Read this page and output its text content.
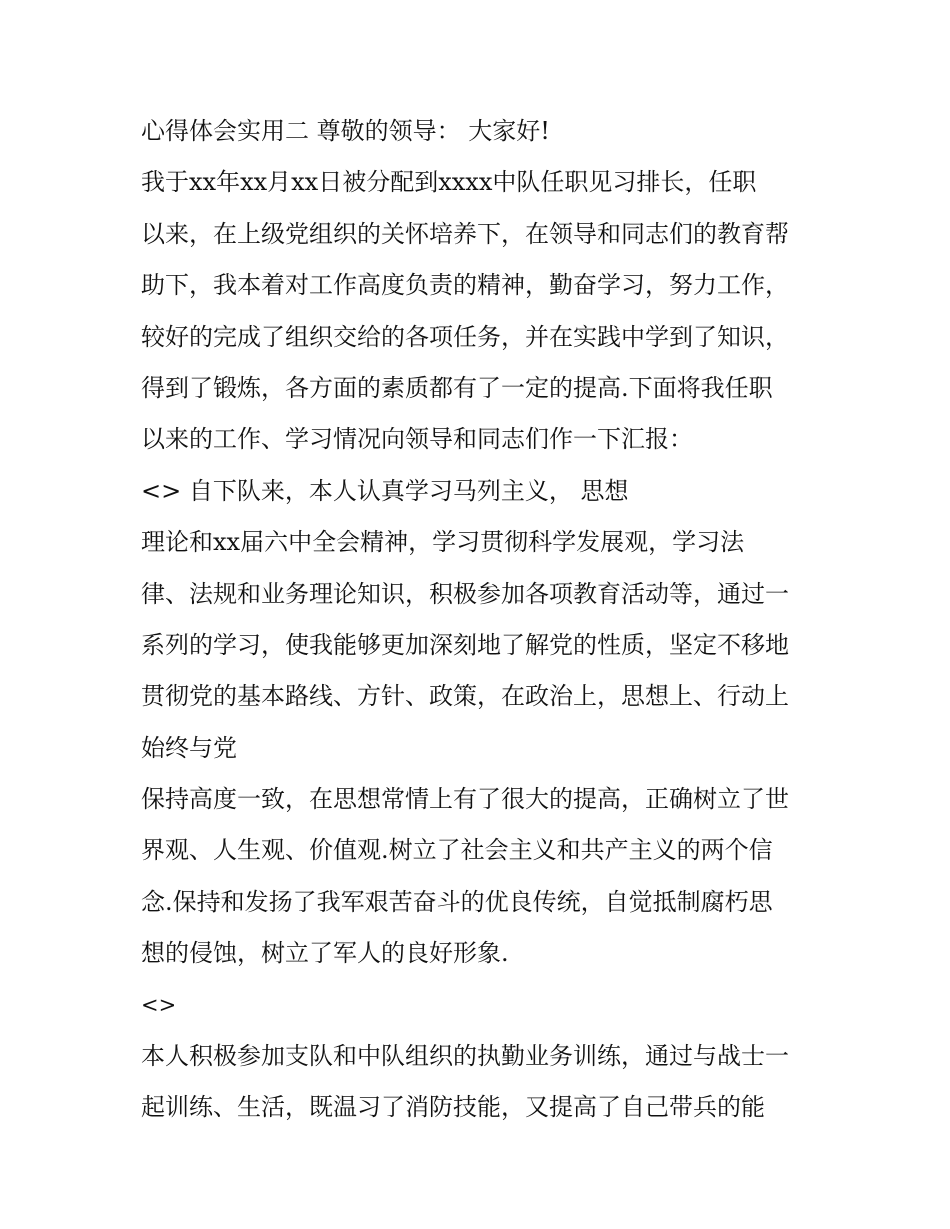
心得体会实用二 尊敬的领导： 大家好!
我于xx年xx月xx日被分配到xxxx中队任职见习排长，任职
以来，在上级党组织的关怀培养下，在领导和同志们的教育帮
助下，我本着对工作高度负责的精神，勤奋学习，努力工作，
较好的完成了组织交给的各项任务，并在实践中学到了知识，
得到了锻炼，各方面的素质都有了一定的提高.下面将我任职
以来的工作、学习情况向领导和同志们作一下汇报：
<> 自下队来，本人认真学习马列主义， 思想
理论和xx届六中全会精神，学习贯彻科学发展观，学习法
律、法规和业务理论知识，积极参加各项教育活动等，通过一
系列的学习，使我能够更加深刻地了解党的性质，坚定不移地
贯彻党的基本路线、方针、政策，在政治上，思想上、行动上
始终与党
保持高度一致，在思想常情上有了很大的提高，正确树立了世
界观、人生观、价值观.树立了社会主义和共产主义的两个信
念.保持和发扬了我军艰苦奋斗的优良传统，自觉抵制腐朽思
想的侵蚀，树立了军人的良好形象.
<>
本人积极参加支队和中队组织的执勤业务训练，通过与战士一
起训练、生活，既温习了消防技能，又提高了自己带兵的能
